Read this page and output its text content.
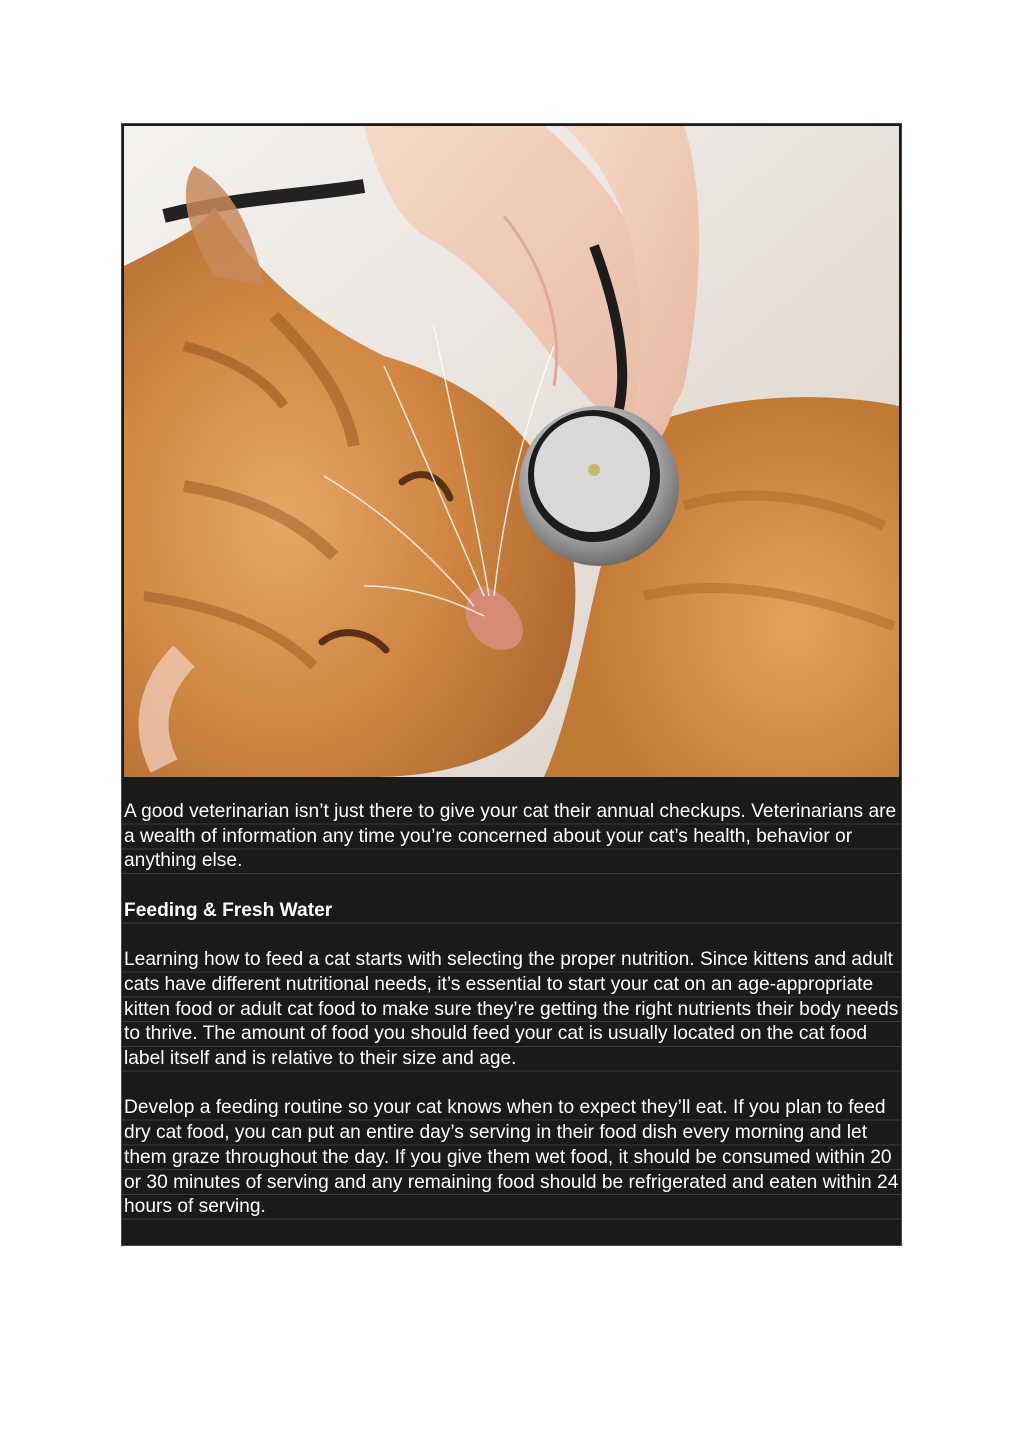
A good veterinarian isn’t just there to give your cat their annual checkups. Veterinarians are a wealth of information any time you’re concerned about your cat’s health, behavior or anything else.

Feeding & Fresh Water

Learning how to feed a cat starts with selecting the proper nutrition. Since kittens and adult cats have different nutritional needs, it’s essential to start your cat on an age-appropriate kitten food or adult cat food to make sure they’re getting the right nutrients their body needs to thrive. The amount of food you should feed your cat is usually located on the cat food label itself and is relative to their size and age.

Develop a feeding routine so your cat knows when to expect they’ll eat. If you plan to feed dry cat food, you can put an entire day’s serving in their food dish every morning and let them graze throughout the day. If you give them wet food, it should be consumed within 20 or 30 minutes of serving and any remaining food should be refrigerated and eaten within 24 hours of serving.
